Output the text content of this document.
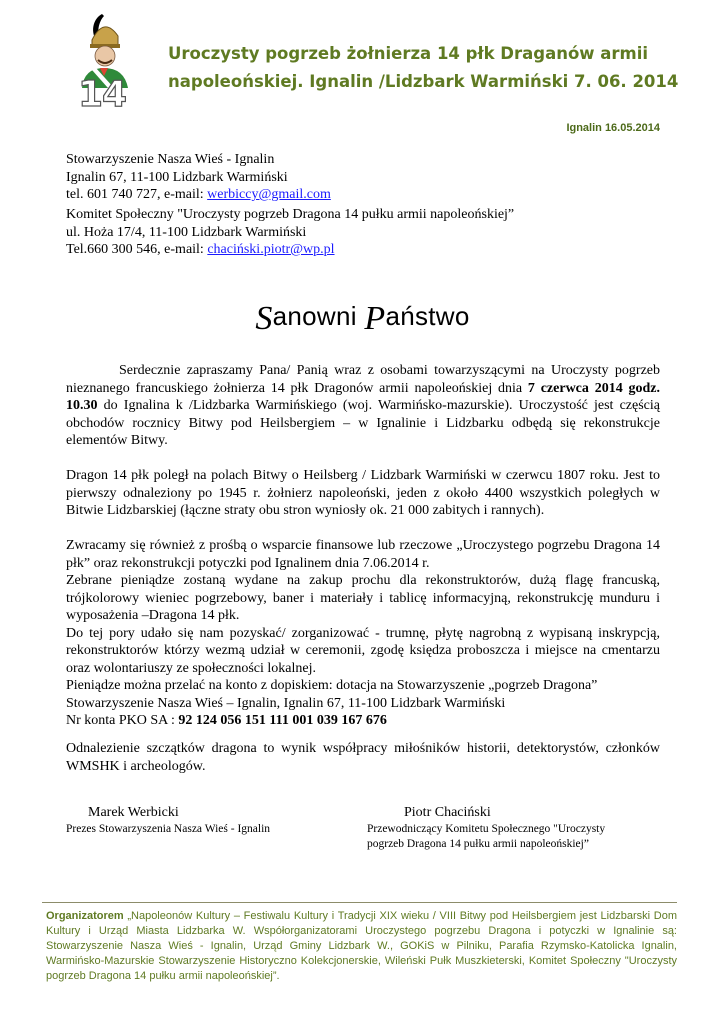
14
Uroczysty pogrzeb żołnierza 14 płk Draganów armii
napoleońskiej. Ignalin /Lidzbark Warmiński 7. 06. 2014
Ignalin 16.05.2014
Stowarzyszenie Nasza Wieś - Ignalin
Ignalin 67, 11-100 Lidzbark Warmiński
tel. 601 740 727, e-mail: werbiccy@gmail.com
Komitet Społeczny "Uroczysty pogrzeb Dragona 14 pułku armii napoleońskiej”
ul. Hoża 17/4, 11-100 Lidzbark Warmiński
Tel.660 300 546, e-mail: chaciński.piotr@wp.pl
Sanowni Państwo

Serdecznie zapraszamy Pana/ Panią wraz z osobami towarzyszącymi na Uroczysty pogrzeb nieznanego francuskiego żołnierza 14 płk Dragonów armii napoleońskiej dnia 7 czerwca 2014 godz. 10.30 do Ignalina k /Lidzbarka Warmińskiego (woj. Warmińsko-mazurskie). Uroczystość jest częścią obchodów rocznicy Bitwy pod Heilsbergiem – w Ignalinie i Lidzbarku odbędą się rekonstrukcje elementów Bitwy.

Dragon 14 płk poległ na polach Bitwy o Heilsberg / Lidzbark Warmiński w czerwcu 1807 roku. Jest to pierwszy odnaleziony po 1945 r. żołnierz napoleoński, jeden z około 4400 wszystkich poległych w Bitwie Lidzbarskiej (łączne straty obu stron wyniosły ok. 21 000 zabitych i rannych).

Zwracamy się również z prośbą o wsparcie finansowe lub rzeczowe „Uroczystego pogrzebu Dragona 14 płk” oraz rekonstrukcji potyczki pod Ignalinem dnia 7.06.2014 r.

Zebrane pieniądze zostaną wydane na zakup prochu dla rekonstruktorów, dużą flagę francuską, trójkolorowy wieniec pogrzebowy, baner i materiały i tablicę informacyjną, rekonstrukcję munduru i wyposażenia –Dragona 14 płk.

Do tej pory udało się nam pozyskać/ zorganizować - trumnę, płytę nagrobną z wypisaną inskrypcją, rekonstruktorów którzy wezmą udział w ceremonii, zgodę księdza proboszcza i miejsce na cmentarzu oraz wolontariuszy ze społeczności lokalnej.

Pieniądze można przelać na konto z dopiskiem: dotacja na Stowarzyszenie „pogrzeb Dragona”

Stowarzyszenie Nasza Wieś – Ignalin, Ignalin 67, 11-100 Lidzbark Warmiński

Nr konta PKO SA : 92 124 056 151 111 001 039 167 676

Odnalezienie szczątków dragona to wynik współpracy miłośników historii, detektorystów, członków WMSHK i archeologów.

Marek Werbicki
Prezes Stowarzyszenia Nasza Wieś - Ignalin
Piotr Chaciński
Przewodniczący Komitetu Społecznego "Uroczysty
pogrzeb Dragona 14 pułku armii napoleońskiej”
Organizatorem „Napoleonów Kultury – Festiwalu Kultury i Tradycji XIX wieku / VIII Bitwy pod Heilsbergiem jest Lidzbarski Dom Kultury i Urząd Miasta Lidzbarka W. Współorganizatorami Uroczystego pogrzebu Dragona i potyczki w Ignalinie są: Stowarzyszenie Nasza Wieś - Ignalin, Urząd Gminy Lidzbark W., GOKiS w Pilniku, Parafia Rzymsko-Katolicka Ignalin, Warmińsko-Mazurskie Stowarzyszenie Historyczno Kolekcjonerskie, Wileński Pułk Muszkieterski, Komitet Społeczny "Uroczysty pogrzeb Dragona 14 pułku armii napoleońskiej”.
